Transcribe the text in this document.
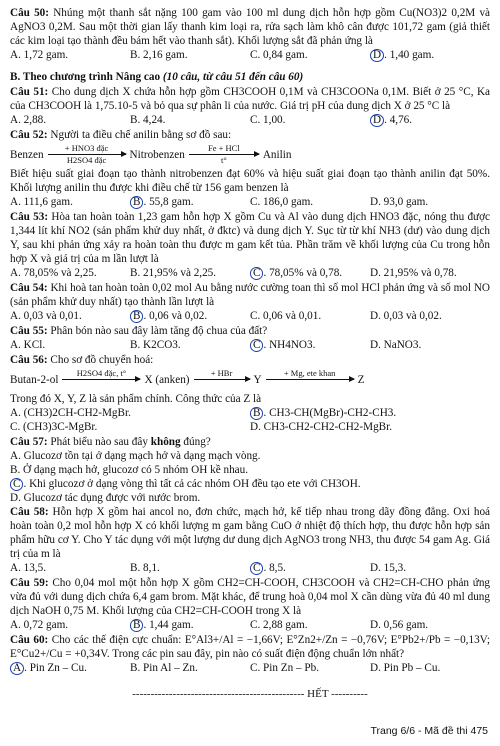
Câu 50: Nhúng một thanh sắt nặng 100 gam vào 100 ml dung dịch hỗn hợp gồm Cu(NO3)2 0,2M và AgNO3 0,2M. Sau một thời gian lấy thanh kim loại ra, rửa sạch làm khô cân được 101,72 gam (giả thiết các kim loại tạo thành đều bám hết vào thanh sắt). Khối lượng sắt đã phản ứng là

A. 1,72 gam.	B. 2,16 gam.	C. 0,84 gam.	D . 1,40 gam.
B. Theo chương trình Nâng cao (10 câu, từ câu 51 đến câu 60)

Câu 51: Cho dung dịch X chứa hỗn hợp gồm CH3COOH 0,1M và CH3COONa 0,1M. Biết ở 25 °C, Ka của CH3COOH là 1,75.10-5 và bỏ qua sự phân li của nước. Giá trị pH của dung dịch X ở 25 °C là

A. 2,88.	B. 4,24.	C. 1,00.	D . 4,76.

Câu 52: Người ta điều chế anilin bằng sơ đồ sau:

Benzen
+ HNO3 đặc
H2SO4 đặc	Nitrobenzen
Fe + HCl
t°	Anilin

Biết hiệu suất giai đoạn tạo thành nitrobenzen đạt 60% và hiệu suất giai đoạn tạo thành anilin đạt 50%. Khối lượng anilin thu được khi điều chế từ 156 gam benzen là

A. 111,6 gam.	B . 55,8 gam.	C. 186,0 gam.	D. 93,0 gam.

Câu 53: Hòa tan hoàn toàn 1,23 gam hỗn hợp X gồm Cu và Al vào dung dịch HNO3 đặc, nóng thu được 1,344 lít khí NO2 (sản phẩm khử duy nhất, ở đktc) và dung dịch Y. Sục từ từ khí NH3 (dư) vào dung dịch Y, sau khi phản ứng xảy ra hoàn toàn thu được m gam kết tủa. Phần trăm về khối lượng của Cu trong hỗn hợp X và giá trị của m lần lượt là

A. 78,05% và 2,25.	B. 21,95% và 2,25.	C . 78,05% và 0,78.	D. 21,95% và 0,78.

Câu 54: Khi hoà tan hoàn toàn 0,02 mol Au bằng nước cường toan thì số mol HCl phản ứng và số mol NO (sản phẩm khử duy nhất) tạo thành lần lượt là

A. 0,03 và 0,01.	B . 0,06 và 0,02.	C. 0,06 và 0,01.	D. 0,03 và 0,02.

Câu 55: Phân bón nào sau đây làm tăng độ chua của đất?

A. KCl.	B. K2CO3.	C . NH4NO3.	D. NaNO3.

Câu 56: Cho sơ đồ chuyển hoá:

Butan-2-ol
H2SO4 đặc, t°

X (anken)
+ HBr

Y
+ Mg, ete khan

Z

Trong đó X, Y, Z là sản phẩm chính. Công thức của Z là

A. (CH3)2CH-CH2-MgBr.	B . CH3-CH(MgBr)-CH2-CH3.
C. (CH3)3C-MgBr.	D. CH3-CH2-CH2-CH2-MgBr.

Câu 57: Phát biểu nào sau đây không đúng?

A. Glucozơ tồn tại ở dạng mạch hở và dạng mạch vòng.
B. Ở dạng mạch hở, glucozơ có 5 nhóm OH kề nhau.
C . Khi glucozơ ở dạng vòng thì tất cả các nhóm OH đều tạo ete với CH3OH.
D. Glucozơ tác dụng được với nước brom.

Câu 58: Hỗn hợp X gồm hai ancol no, đơn chức, mạch hở, kế tiếp nhau trong dãy đồng đẳng. Oxi hoá hoàn toàn 0,2 mol hỗn hợp X có khối lượng m gam bằng CuO ở nhiệt độ thích hợp, thu được hỗn hợp sản phẩm hữu cơ Y. Cho Y tác dụng với một lượng dư dung dịch AgNO3 trong NH3, thu được 54 gam Ag. Giá trị của m là

A. 13,5.	B. 8,1.	C . 8,5.	D. 15,3.

Câu 59: Cho 0,04 mol một hỗn hợp X gồm CH2=CH-COOH, CH3COOH và CH2=CH-CHO phản ứng vừa đủ với dung dịch chứa 6,4 gam brom. Mặt khác, để trung hoà 0,04 mol X cần dùng vừa đủ 40 ml dung dịch NaOH 0,75 M. Khối lượng của CH2=CH-COOH trong X là

A. 0,72 gam.	B . 1,44 gam.	C. 2,88 gam.	D. 0,56 gam.

Câu 60: Cho các thế điện cực chuẩn: E°Al3+/Al = −1,66V; E°Zn2+/Zn = −0,76V; E°Pb2+/Pb = −0,13V; E°Cu2+/Cu = +0,34V. Trong các pin sau đây, pin nào có suất điện động chuẩn lớn nhất?

A . Pin Zn – Cu.	B. Pin Al – Zn.	C. Pin Zn – Pb.	D. Pin Pb – Cu.
----------------------------------------------- HẾT ----------
Trang 6/6 - Mã đề thi 475
